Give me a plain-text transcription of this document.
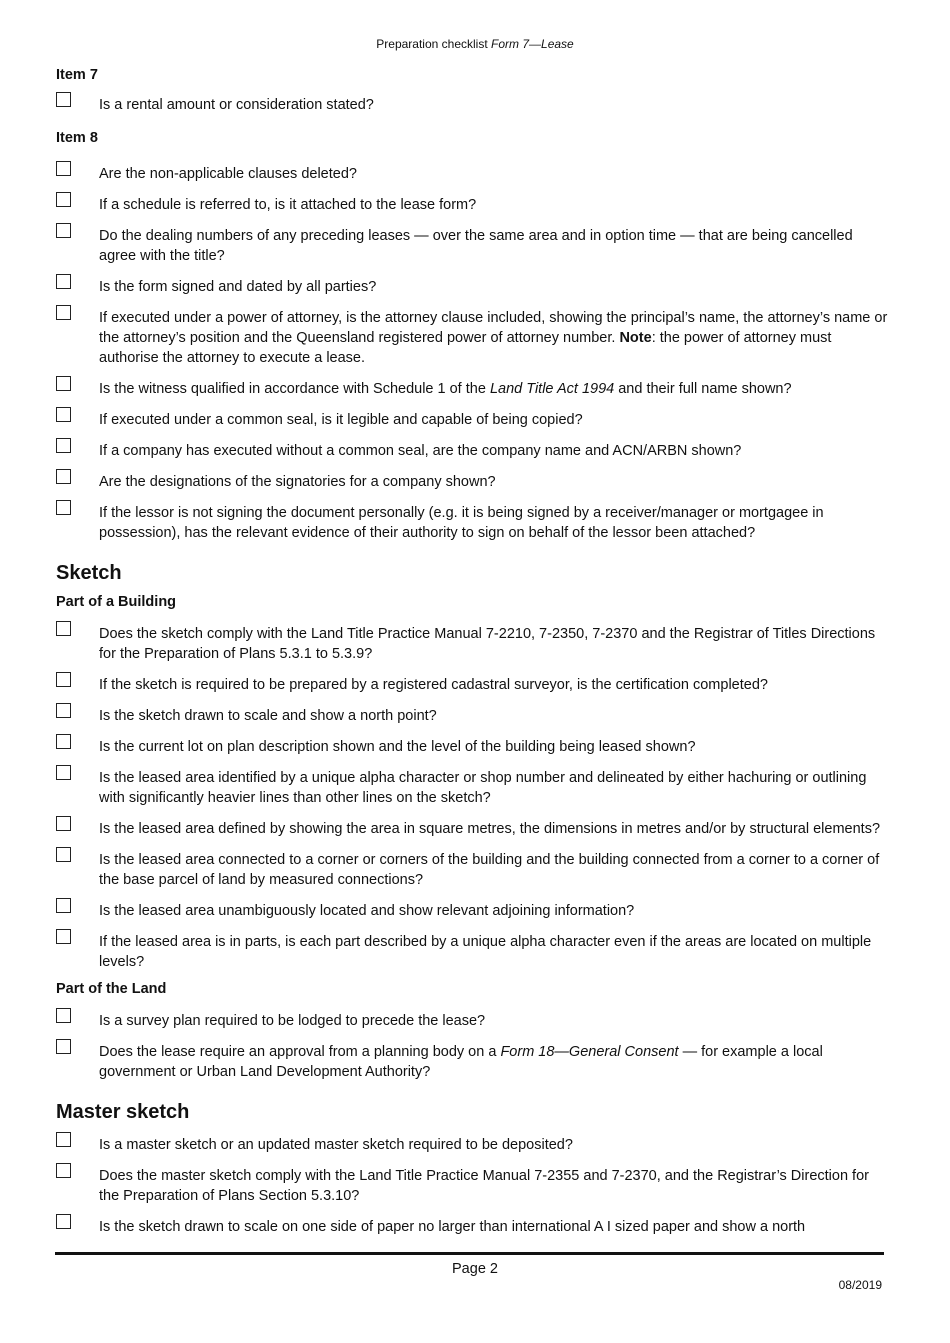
Preparation checklist Form 7—Lease
Item 7
Is a rental amount or consideration stated?
Item 8
Are the non-applicable clauses deleted?
If a schedule is referred to, is it attached to the lease form?
Do the dealing numbers of any preceding leases — over the same area and in option time — that are being cancelled agree with the title?
Is the form signed and dated by all parties?
If executed under a power of attorney, is the attorney clause included, showing the principal’s name, the attorney’s name or the attorney’s position and the Queensland registered power of attorney number. Note: the power of attorney must authorise the attorney to execute a lease.
Is the witness qualified in accordance with Schedule 1 of the Land Title Act 1994 and their full name shown?
If executed under a common seal, is it legible and capable of being copied?
If a company has executed without a common seal, are the company name and ACN/ARBN shown?
Are the designations of the signatories for a company shown?
If the lessor is not signing the document personally (e.g. it is being signed by a receiver/manager or mortgagee in possession), has the relevant evidence of their authority to sign on behalf of the lessor been attached?
Sketch
Part of a Building
Does the sketch comply with the Land Title Practice Manual 7-2210, 7-2350, 7-2370 and the Registrar of Titles Directions for the Preparation of Plans 5.3.1 to 5.3.9?
If the sketch is required to be prepared by a registered cadastral surveyor, is the certification completed?
Is the sketch drawn to scale and show a north point?
Is the current lot on plan description shown and the level of the building being leased shown?
Is the leased area identified by a unique alpha character or shop number and delineated by either hachuring or outlining with significantly heavier lines than other lines on the sketch?
Is the leased area defined by showing the area in square metres, the dimensions in metres and/or by structural elements?
Is the leased area connected to a corner or corners of the building and the building connected from a corner to a corner of the base parcel of land by measured connections?
Is the leased area unambiguously located and show relevant adjoining information?
If the leased area is in parts, is each part described by a unique alpha character even if the areas are located on multiple levels?
Part of the Land
Is a survey plan required to be lodged to precede the lease?
Does the lease require an approval from a planning body on a Form 18—General Consent — for example a local government or Urban Land Development Authority?
Master sketch
Is a master sketch or an updated master sketch required to be deposited?
Does the master sketch comply with the Land Title Practice Manual 7-2355 and 7-2370, and the Registrar’s Direction for the Preparation of Plans Section 5.3.10?
Is the sketch drawn to scale on one side of paper no larger than international A I sized paper and show a north
Page 2
08/2019
